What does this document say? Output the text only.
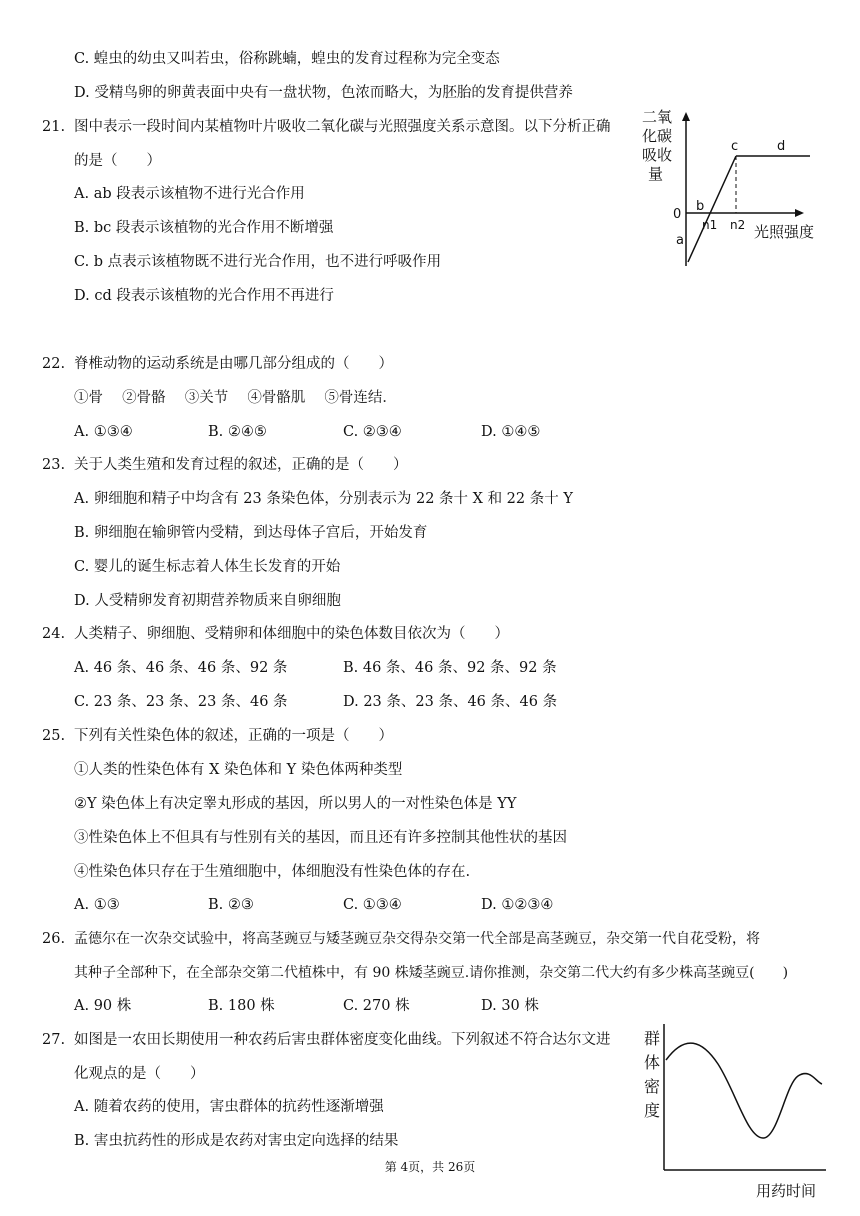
C. 蝗虫的幼虫又叫若虫，俗称跳蝻，蝗虫的发育过程称为完全变态
D. 受精鸟卵的卵黄表面中央有一盘状物，色浓而略大，为胚胎的发育提供营养
21. 图中表示一段时间内某植物叶片吸收二氧化碳与光照强度关系示意图。以下分析正确
的是（　　）
A. ab 段表示该植物不进行光合作用
B. bc 段表示该植物的光合作用不断增强
C. b 点表示该植物既不进行光合作用，也不进行呼吸作用
D. cd 段表示该植物的光合作用不再进行
二氧
化碳
吸收
量
a
b
c	d
0
n1 n2 光照强度
22. 脊椎动物的运动系统是由哪几部分组成的（　　）
①骨　 ②骨骼　 ③关节　 ④骨骼肌　 ⑤骨连结．
A. ①③④	B. ②④⑤	C. ②③④	D. ①④⑤
23. 关于人类生殖和发育过程的叙述，正确的是（　　）
A. 卵细胞和精子中均含有 23 条染色体，分别表示为 22 条十 X 和 22 条十 Y
B. 卵细胞在输卵管内受精，到达母体子宫后，开始发育
C. 婴儿的诞生标志着人体生长发育的开始
D. 人受精卵发育初期营养物质来自卵细胞
24. 人类精子、卵细胞、受精卵和体细胞中的染色体数目依次为（　　）
A. 46 条、46 条、46 条、92 条	B. 46 条、46 条、92 条、92 条
C. 23 条、23 条、23 条、46 条	D. 23 条、23 条、46 条、46 条
25. 下列有关性染色体的叙述，正确的一项是（　　）
①人类的性染色体有 X 染色体和 Y 染色体两种类型
②Y 染色体上有决定睾丸形成的基因，所以男人的一对性染色体是 YY
③性染色体上不但具有与性别有关的基因，而且还有许多控制其他性状的基因
④性染色体只存在于生殖细胞中，体细胞没有性染色体的存在.
A. ①③	B. ②③	C. ①③④	D. ①②③④
26. 孟德尔在一次杂交试验中，将高茎豌豆与矮茎豌豆杂交得杂交第一代全部是高茎豌豆，杂交第一代自花受粉，将
其种子全部种下，在全部杂交第二代植株中，有 90 株矮茎豌豆.请你推测，杂交第二代大约有多少株高茎豌豆(　　)
A. 90 株	B. 180 株	C. 270 株	D. 30 株
27. 如图是一农田长期使用一种农药后害虫群体密度变化曲线。下列叙述不符合达尔文进
化观点的是（　　）
A. 随着农药的使用，害虫群体的抗药性逐渐增强
B. 害虫抗药性的形成是农药对害虫定向选择的结果
群
体
密
度
用药时间
第 4页，共 26页
